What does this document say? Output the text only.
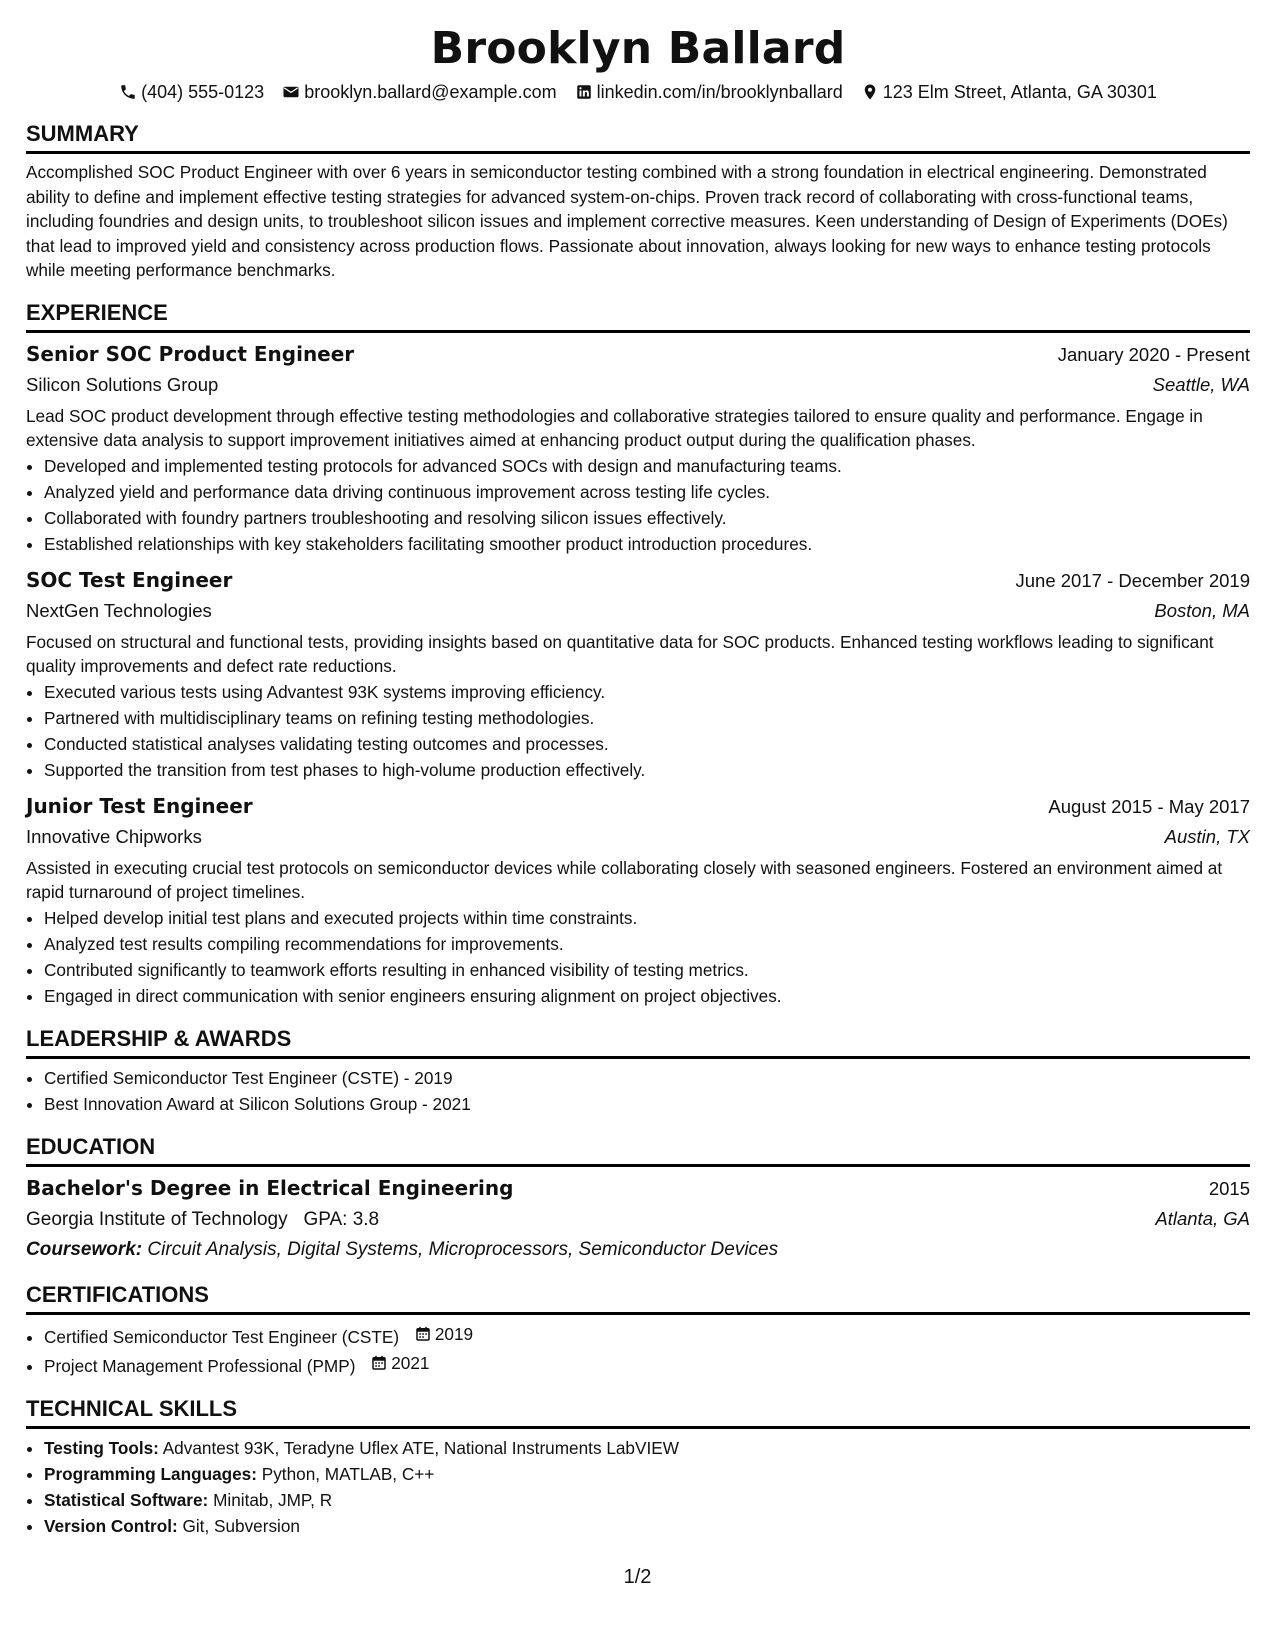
Brooklyn Ballard
(404) 555-0123 brooklyn.ballard@example.com linkedin.com/in/brooklynballard 123 Elm Street, Atlanta, GA 30301
SUMMARY

Accomplished SOC Product Engineer with over 6 years in semiconductor testing combined with a strong foundation in electrical engineering. Demonstrated ability to define and implement effective testing strategies for advanced system-on-chips. Proven track record of collaborating with cross-functional teams, including foundries and design units, to troubleshoot silicon issues and implement corrective measures. Keen understanding of Design of Experiments (DOEs) that lead to improved yield and consistency across production flows. Passionate about innovation, always looking for new ways to enhance testing protocols while meeting performance benchmarks.

EXPERIENCE
Senior SOC Product Engineer	January 2020 - Present
Silicon Solutions Group	Seattle, WA

Lead SOC product development through effective testing methodologies and collaborative strategies tailored to ensure quality and performance. Engage in extensive data analysis to support improvement initiatives aimed at enhancing product output during the qualification phases.

• Developed and implemented testing protocols for advanced SOCs with design and manufacturing teams.
• Analyzed yield and performance data driving continuous improvement across testing life cycles.
• Collaborated with foundry partners troubleshooting and resolving silicon issues effectively.
• Established relationships with key stakeholders facilitating smoother product introduction procedures.
SOC Test Engineer	June 2017 - December 2019
NextGen Technologies	Boston, MA

Focused on structural and functional tests, providing insights based on quantitative data for SOC products. Enhanced testing workflows leading to significant quality improvements and defect rate reductions.

• Executed various tests using Advantest 93K systems improving efficiency.
• Partnered with multidisciplinary teams on refining testing methodologies.
• Conducted statistical analyses validating testing outcomes and processes.
• Supported the transition from test phases to high-volume production effectively.
Junior Test Engineer	August 2015 - May 2017
Innovative Chipworks	Austin, TX

Assisted in executing crucial test protocols on semiconductor devices while collaborating closely with seasoned engineers. Fostered an environment aimed at rapid turnaround of project timelines.

• Helped develop initial test plans and executed projects within time constraints.
• Analyzed test results compiling recommendations for improvements.
• Contributed significantly to teamwork efforts resulting in enhanced visibility of testing metrics.
• Engaged in direct communication with senior engineers ensuring alignment on project objectives.
LEADERSHIP & AWARDS
• Certified Semiconductor Test Engineer (CSTE) - 2019
• Best Innovation Award at Silicon Solutions Group - 2021
EDUCATION
Bachelor's Degree in Electrical Engineering	2015
Georgia Institute of Technology GPA: 3.8	Atlanta, GA
Coursework: Circuit Analysis, Digital Systems, Microprocessors, Semiconductor Devices
CERTIFICATIONS
• Certified Semiconductor Test Engineer (CSTE) 2019
• Project Management Professional (PMP) 2021
TECHNICAL SKILLS
• Testing Tools: Advantest 93K, Teradyne Uflex ATE, National Instruments LabVIEW
• Programming Languages: Python, MATLAB, C++
• Statistical Software: Minitab, JMP, R
• Version Control: Git, Subversion
1/2
